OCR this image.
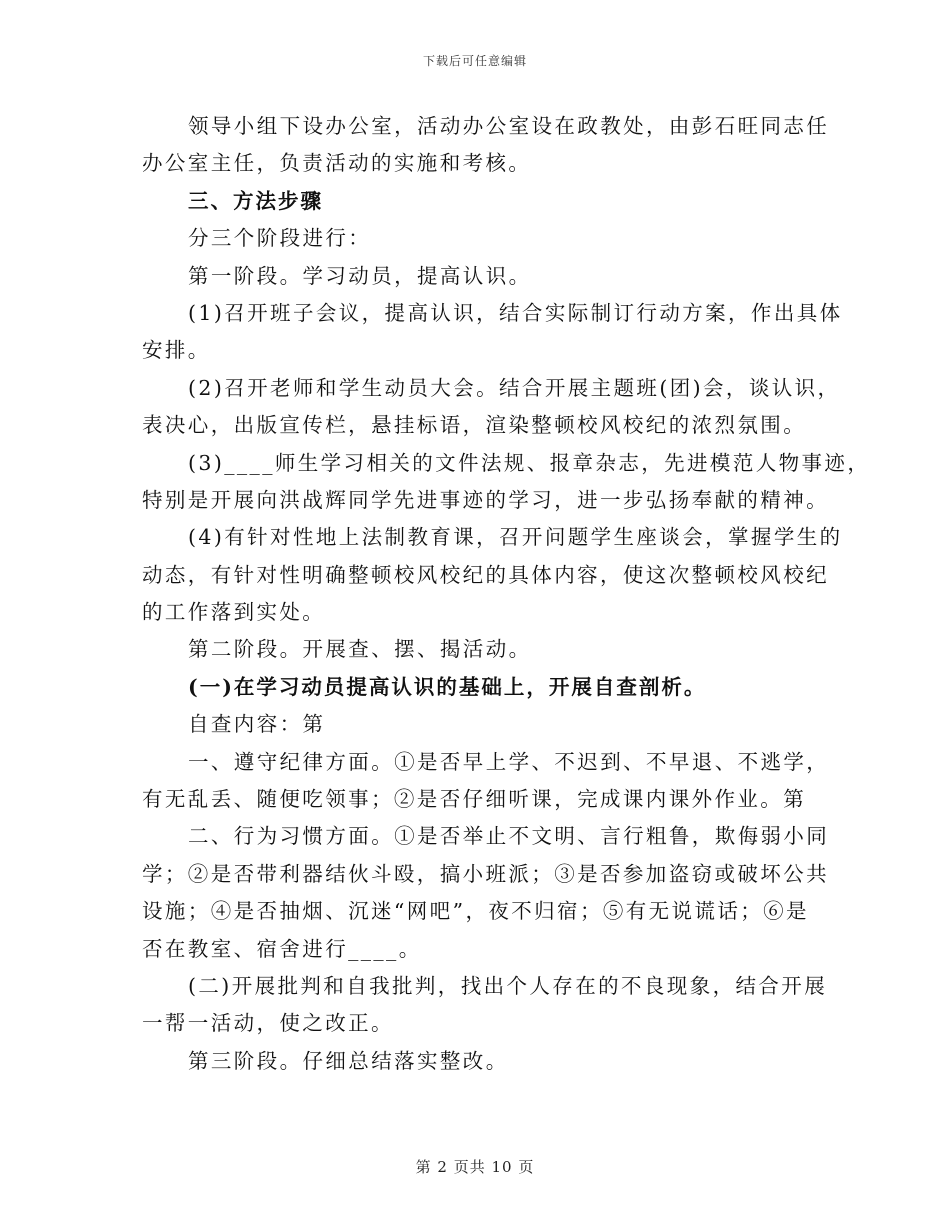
下载后可任意编辑
领导小组下设办公室，活动办公室设在政教处，由彭石旺同志任
办公室主任，负责活动的实施和考核。
三、方法步骤
分三个阶段进行：
第一阶段。学习动员，提高认识。
(1)召开班子会议，提高认识，结合实际制订行动方案，作出具体
安排。
(2)召开老师和学生动员大会。结合开展主题班(团)会，谈认识，
表决心，出版宣传栏，悬挂标语，渲染整顿校风校纪的浓烈氛围。
(3)____师生学习相关的文件法规、报章杂志，先进模范人物事迹，
特别是开展向洪战辉同学先进事迹的学习，进一步弘扬奉献的精神。
(4)有针对性地上法制教育课，召开问题学生座谈会，掌握学生的
动态，有针对性明确整顿校风校纪的具体内容，使这次整顿校风校纪
的工作落到实处。
第二阶段。开展查、摆、揭活动。
(一)在学习动员提高认识的基础上，开展自查剖析。
自查内容：第
一、遵守纪律方面。①是否早上学、不迟到、不早退、不逃学，
有无乱丢、随便吃领事；②是否仔细听课，完成课内课外作业。第
二、行为习惯方面。①是否举止不文明、言行粗鲁，欺侮弱小同
学；②是否带利器结伙斗殴，搞小班派；③是否参加盗窃或破坏公共
设施；④是否抽烟、沉迷“网吧”，夜不归宿；⑤有无说谎话；⑥是
否在教室、宿舍进行____。
(二)开展批判和自我批判，找出个人存在的不良现象，结合开展
一帮一活动，使之改正。
第三阶段。仔细总结落实整改。
第 2 页共 10 页
